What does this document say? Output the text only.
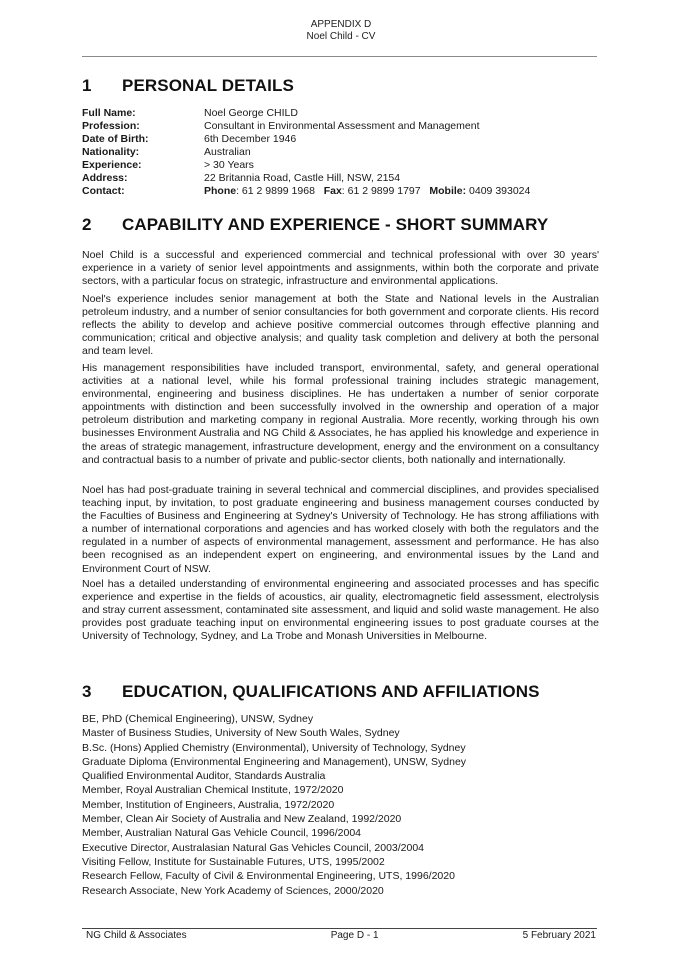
APPENDIX D
Noel Child - CV
1 PERSONAL DETAILS
Full Name:	Noel George CHILD
Profession:	Consultant in Environmental Assessment and Management
Date of Birth:	6th December 1946
Nationality:	Australian
Experience:	> 30 Years
Address:	22 Britannia Road, Castle Hill, NSW, 2154
Contact:	Phone: 61 2 9899 1968 Fax: 61 2 9899 1797 Mobile: 0409 393024
2 CAPABILITY AND EXPERIENCE - SHORT SUMMARY

Noel Child is a successful and experienced commercial and technical professional with over 30 years' experience in a variety of senior level appointments and assignments, within both the corporate and private sectors, with a particular focus on strategic, infrastructure and environmental applications.

Noel's experience includes senior management at both the State and National levels in the Australian petroleum industry, and a number of senior consultancies for both government and corporate clients. His record reflects the ability to develop and achieve positive commercial outcomes through effective planning and communication; critical and objective analysis; and quality task completion and delivery at both the personal and team level.

His management responsibilities have included transport, environmental, safety, and general operational activities at a national level, while his formal professional training includes strategic management, environmental, engineering and business disciplines. He has undertaken a number of senior corporate appointments with distinction and been successfully involved in the ownership and operation of a major petroleum distribution and marketing company in regional Australia. More recently, working through his own businesses Environment Australia and NG Child & Associates, he has applied his knowledge and experience in the areas of strategic management, infrastructure development, energy and the environment on a consultancy and contractual basis to a number of private and public-sector clients, both nationally and internationally.

Noel has had post-graduate training in several technical and commercial disciplines, and provides specialised teaching input, by invitation, to post graduate engineering and business management courses conducted by the Faculties of Business and Engineering at Sydney's University of Technology. He has strong affiliations with a number of international corporations and agencies and has worked closely with both the regulators and the regulated in a number of aspects of environmental management, assessment and performance. He has also been recognised as an independent expert on engineering, and environmental issues by the Land and Environment Court of NSW.

Noel has a detailed understanding of environmental engineering and associated processes and has specific experience and expertise in the fields of acoustics, air quality, electromagnetic field assessment, electrolysis and stray current assessment, contaminated site assessment, and liquid and solid waste management. He also provides post graduate teaching input on environmental engineering issues to post graduate courses at the University of Technology, Sydney, and La Trobe and Monash Universities in Melbourne.

3 EDUCATION, QUALIFICATIONS AND AFFILIATIONS
BE, PhD (Chemical Engineering), UNSW, Sydney
Master of Business Studies, University of New South Wales, Sydney
B.Sc. (Hons) Applied Chemistry (Environmental), University of Technology, Sydney
Graduate Diploma (Environmental Engineering and Management), UNSW, Sydney
Qualified Environmental Auditor, Standards Australia
Member, Royal Australian Chemical Institute, 1972/2020
Member, Institution of Engineers, Australia, 1972/2020
Member, Clean Air Society of Australia and New Zealand, 1992/2020
Member, Australian Natural Gas Vehicle Council, 1996/2004
Executive Director, Australasian Natural Gas Vehicles Council, 2003/2004
Visiting Fellow, Institute for Sustainable Futures, UTS, 1995/2002
Research Fellow, Faculty of Civil & Environmental Engineering, UTS, 1996/2020
Research Associate, New York Academy of Sciences, 2000/2020
NG Child & Associates	Page D - 1	5 February 2021
